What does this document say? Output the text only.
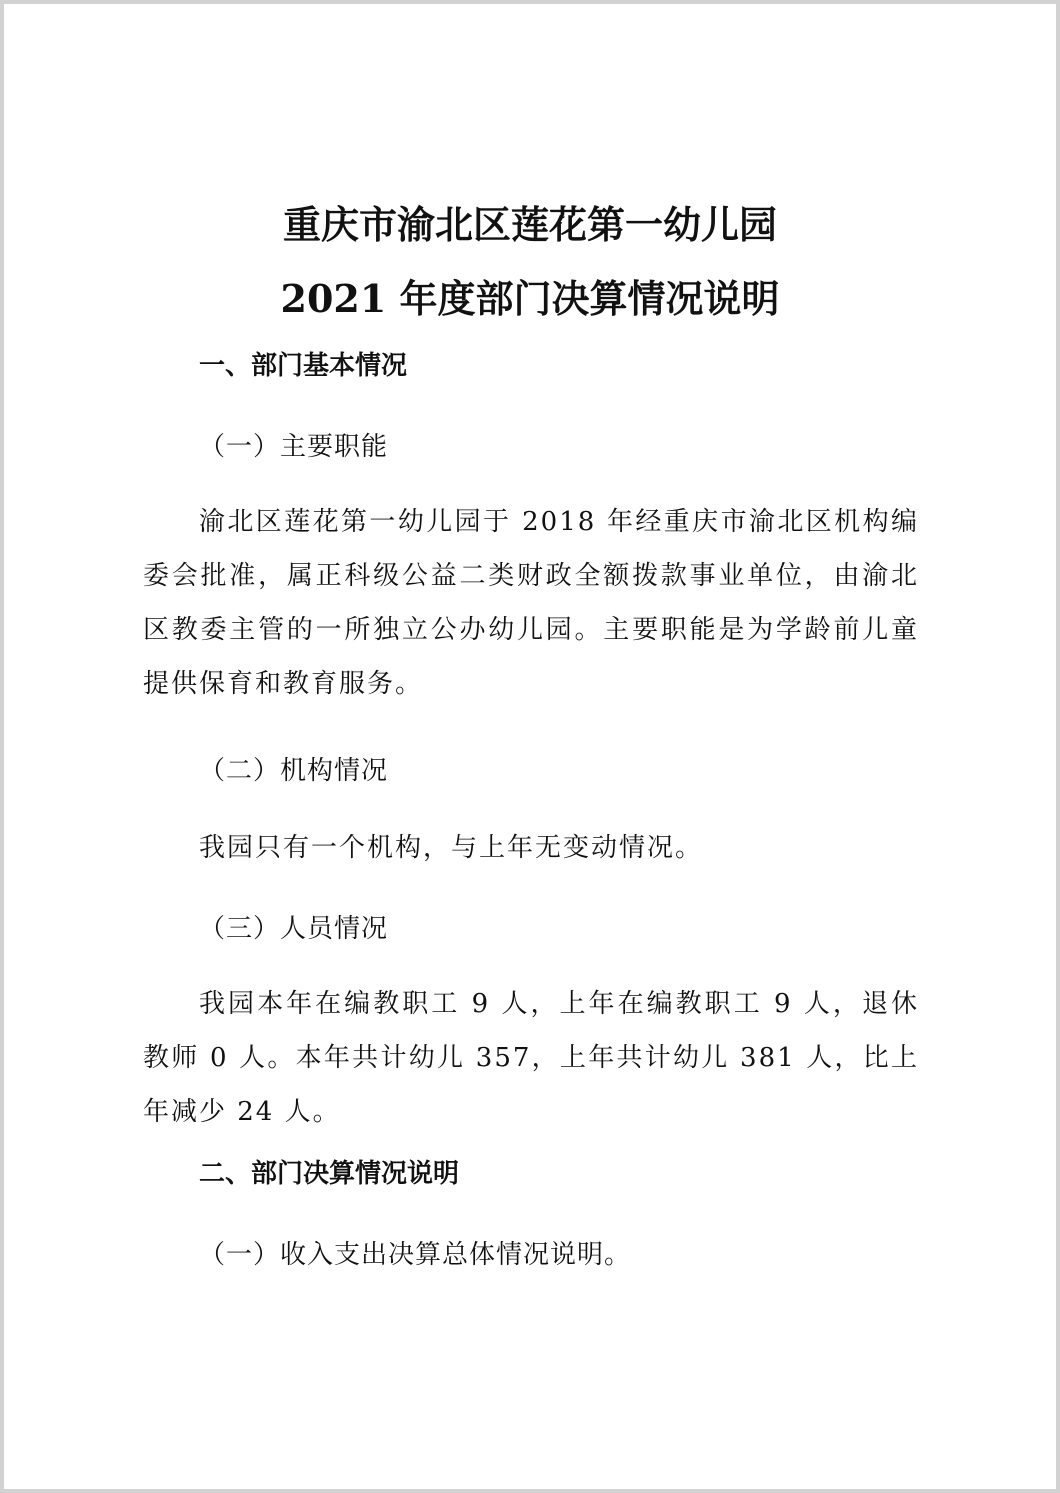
重庆市渝北区莲花第一幼儿园
2021 年度部门决算情况说明
一、部门基本情况
（一）主要职能
渝北区莲花第一幼儿园于 2018 年经重庆市渝北区机构编委会批准，属正科级公益二类财政全额拨款事业单位，由渝北区教委主管的一所独立公办幼儿园。主要职能是为学龄前儿童提供保育和教育服务。
（二）机构情况
我园只有一个机构，与上年无变动情况。
（三）人员情况
我园本年在编教职工 9 人，上年在编教职工 9 人，退休教师 0 人。本年共计幼儿 357，上年共计幼儿 381 人，比上年减少 24 人。
二、部门决算情况说明
（一）收入支出决算总体情况说明。
